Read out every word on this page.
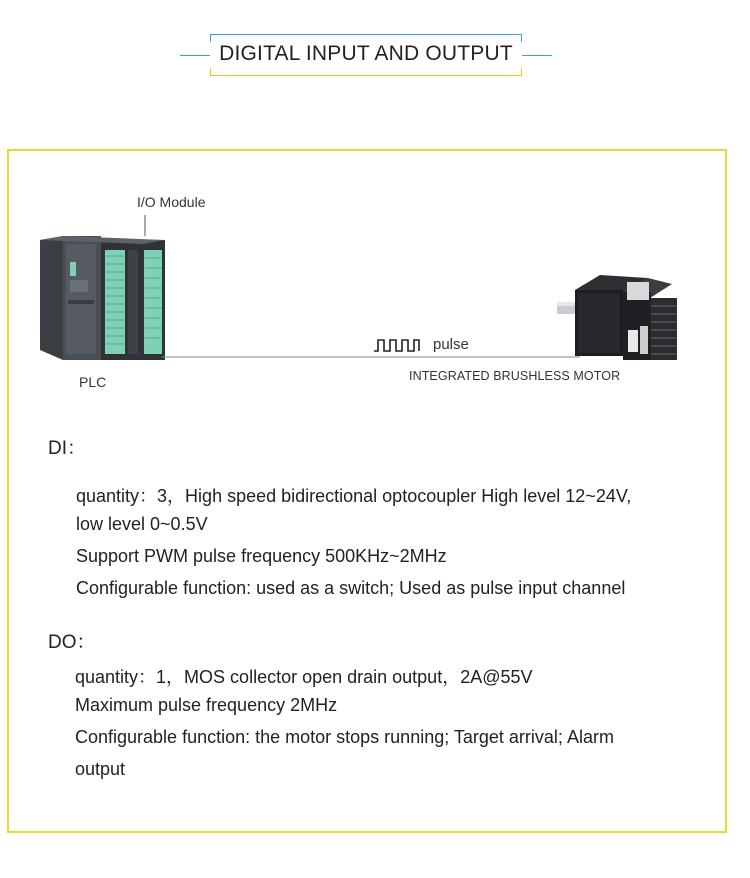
DIGITAL INPUT AND OUTPUT
I/O Module
PLC
pulse
INTEGRATED BRUSHLESS MOTOR
DI：
quantity：3，High speed bidirectional optocoupler High level 12~24V,
low level 0~0.5V
Support PWM pulse frequency 500KHz~2MHz
Configurable function: used as a switch; Used as pulse input channel
DO：
quantity：1，MOS collector open drain output，2A@55V
Maximum pulse frequency 2MHz
Configurable function: the motor stops running; Target arrival; Alarm
output
